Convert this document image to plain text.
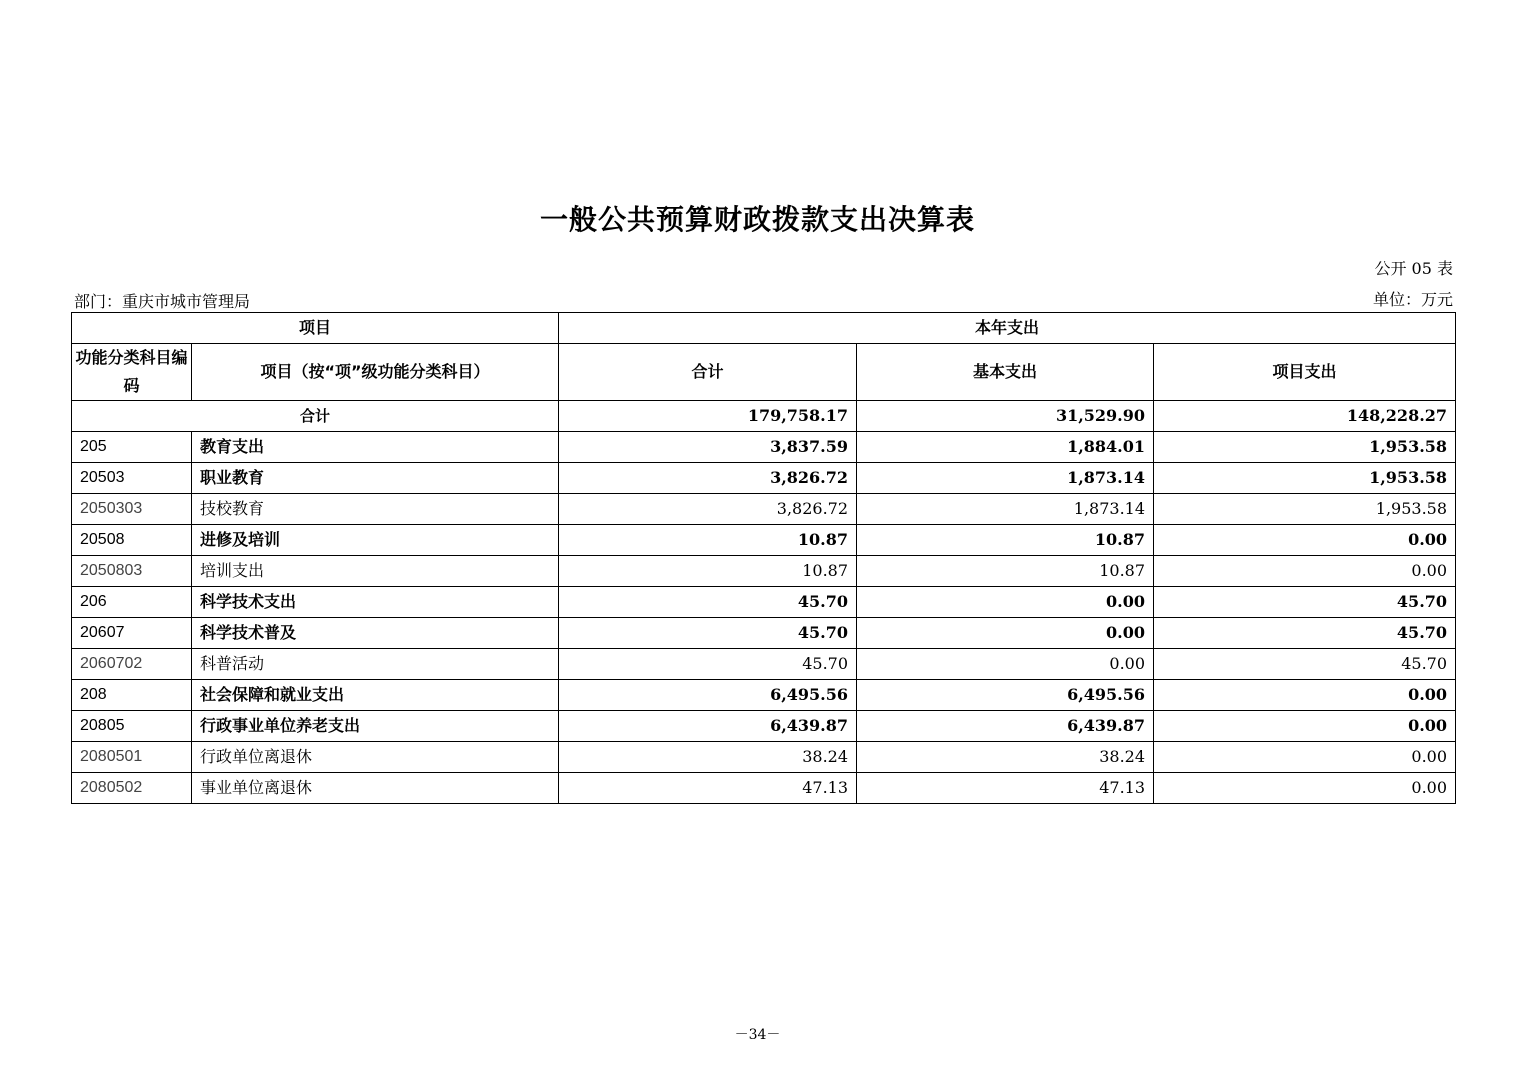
一般公共预算财政拨款支出决算表
公开 05 表
部门：重庆市城市管理局	单位：万元
项目		本年支出		
功能分类科目编码	项目（按“项”级功能分类科目）	合计	基本支出	项目支出
合计		179,758.17	31,529.90	148,228.27
205	教育支出	3,837.59	1,884.01	1,953.58
20503	职业教育	3,826.72	1,873.14	1,953.58
2050303	技校教育	3,826.72	1,873.14	1,953.58
20508	进修及培训	10.87	10.87	0.00
2050803	培训支出	10.87	10.87	0.00
206	科学技术支出	45.70	0.00	45.70
20607	科学技术普及	45.70	0.00	45.70
2060702	科普活动	45.70	0.00	45.70
208	社会保障和就业支出	6,495.56	6,495.56	0.00
20805	行政事业单位养老支出	6,439.87	6,439.87	0.00
2080501	行政单位离退休	38.24	38.24	0.00
2080502	事业单位离退休	47.13	47.13	0.00
－34－
